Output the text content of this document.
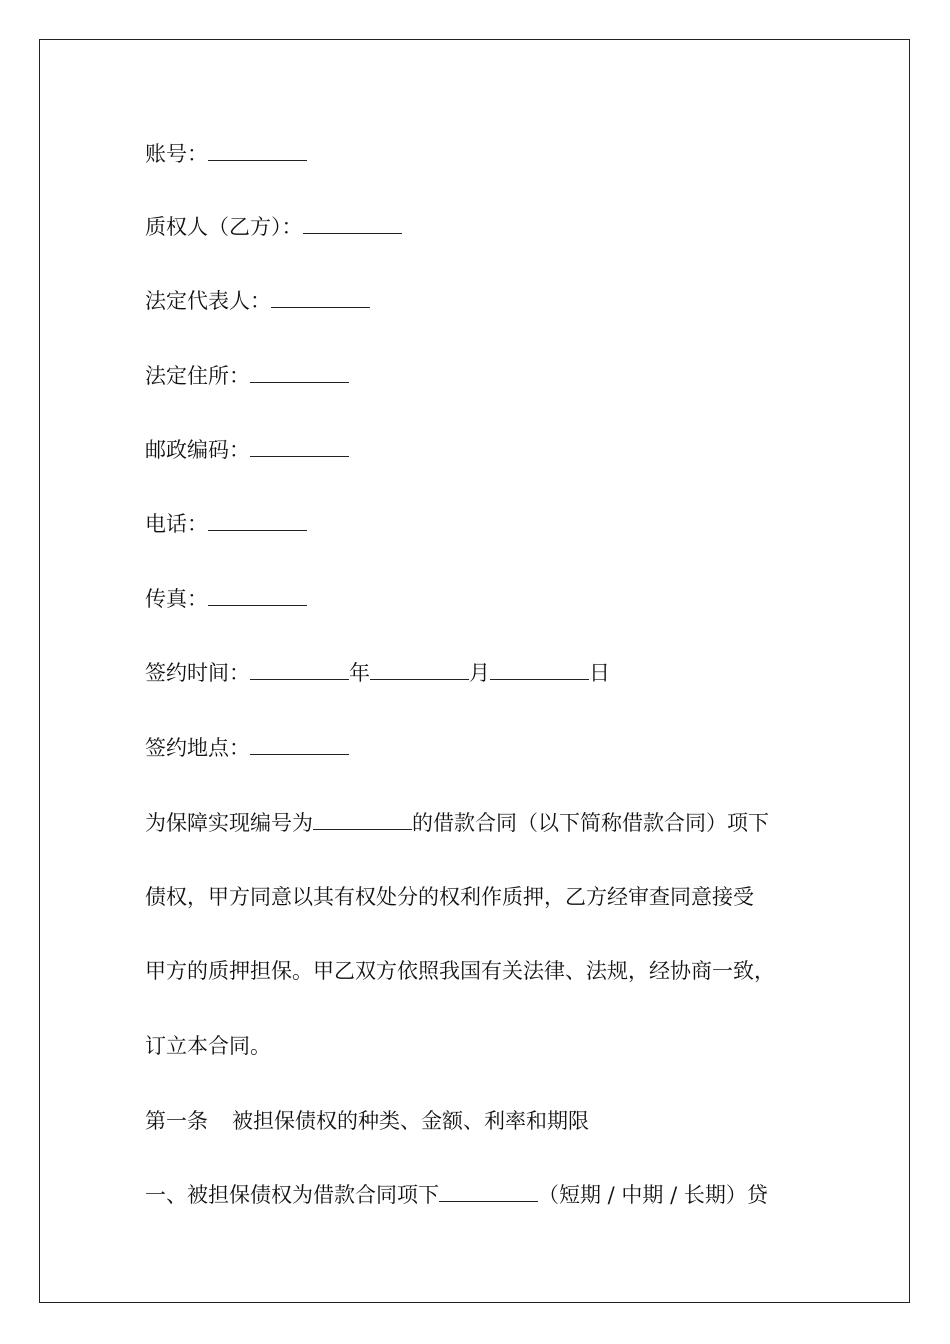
账号：
质权人（乙方）：
法定代表人：
法定住所：
邮政编码：
电话：
传真：
签约时间：	年	月	日
签约地点：
为保障实现编号为	的借款合同（以下简称借款合同）项下
债权，甲方同意以其有权处分的权利作质押，乙方经审查同意接受
甲方的质押担保。甲乙双方依照我国有关法律、法规，经协商一致，
订立本合同。
第一条 被担保债权的种类、金额、利率和期限
一、被担保债权为借款合同项下	（短期 / 中期 / 长期）贷
